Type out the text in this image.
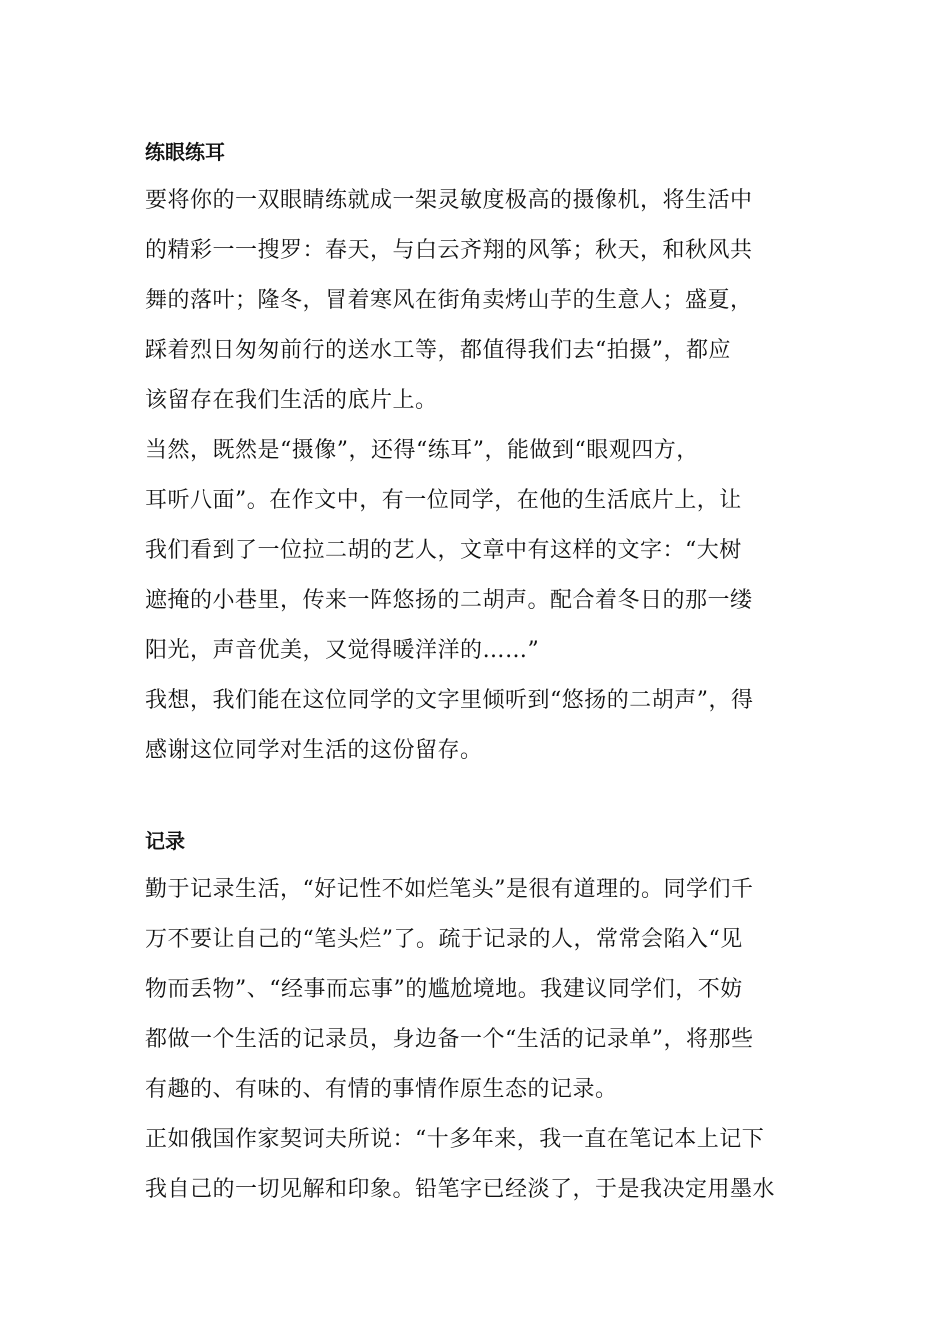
练眼练耳

要将你的一双眼睛练就成一架灵敏度极高的摄像机，将生活中
的精彩一一搜罗：春天，与白云齐翔的风筝；秋天，和秋风共
舞的落叶；隆冬，冒着寒风在街角卖烤山芋的生意人；盛夏，
踩着烈日匆匆前行的送水工等，都值得我们去“拍摄”，都应
该留存在我们生活的底片上。

当然，既然是“摄像”，还得“练耳”，能做到“眼观四方，
耳听八面”。在作文中，有一位同学，在他的生活底片上，让
我们看到了一位拉二胡的艺人，文章中有这样的文字：“大树
遮掩的小巷里，传来一阵悠扬的二胡声。配合着冬日的那一缕
阳光，声音优美，又觉得暖洋洋的……”

我想，我们能在这位同学的文字里倾听到“悠扬的二胡声”，得
感谢这位同学对生活的这份留存。

记录

勤于记录生活，“好记性不如烂笔头”是很有道理的。同学们千
万不要让自己的“笔头烂”了。疏于记录的人，常常会陷入“见
物而丢物”、“经事而忘事”的尴尬境地。我建议同学们，不妨
都做一个生活的记录员，身边备一个“生活的记录单”，将那些
有趣的、有味的、有情的事情作原生态的记录。

正如俄国作家契诃夫所说：“十多年来，我一直在笔记本上记下
我自己的一切见解和印象。铅笔字已经淡了，于是我决定用墨水
